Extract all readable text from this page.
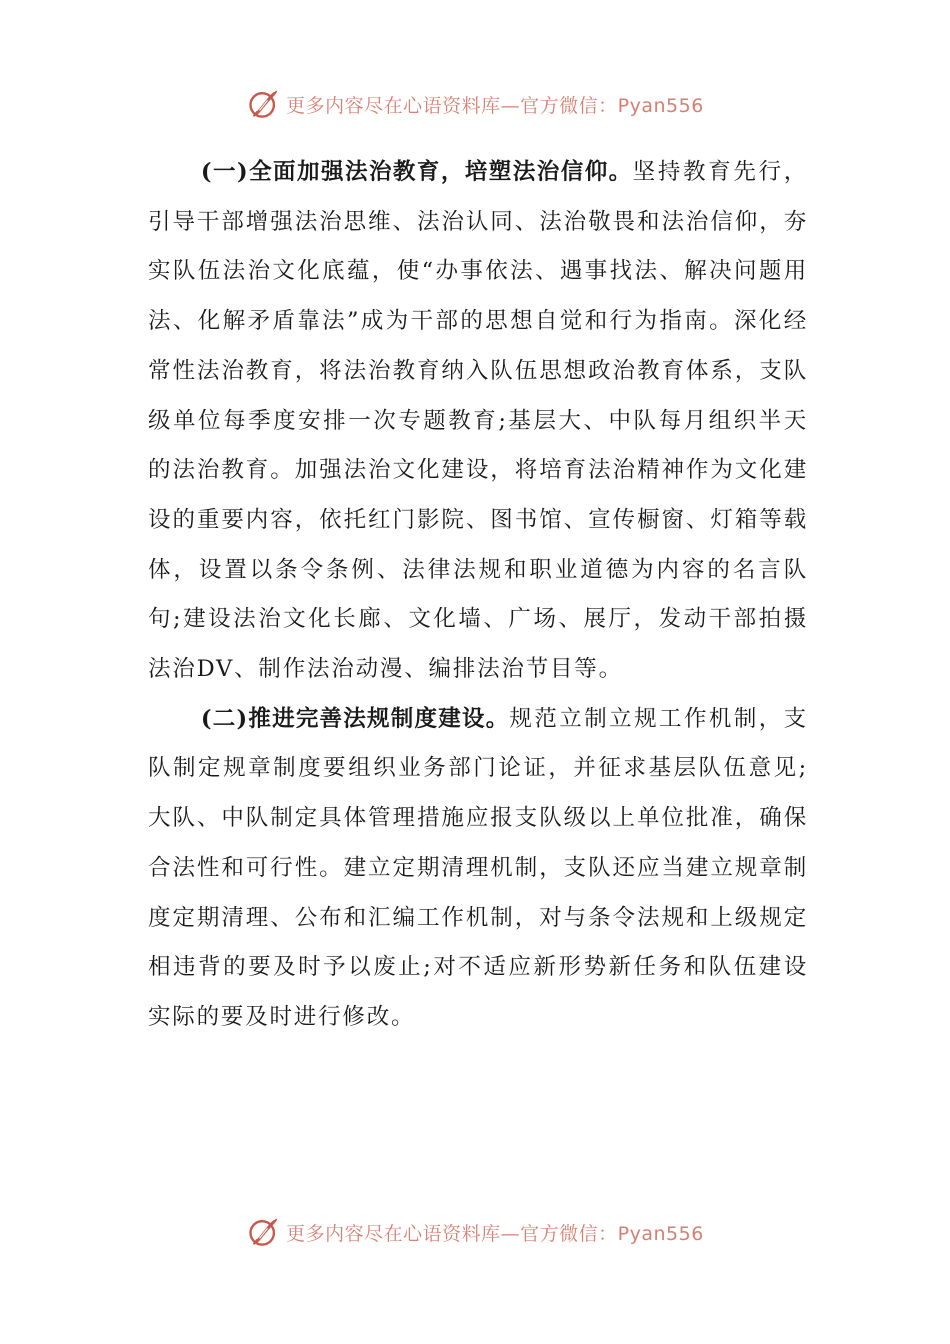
更多内容尽在心语资料库—官方微信：Pyan556

(一)全面加强法治教育，培塑法治信仰。坚持教育先行，引导干部增强法治思维、法治认同、法治敬畏和法治信仰，夯实队伍法治文化底蕴，使“办事依法、遇事找法、解决问题用法、化解矛盾靠法”成为干部的思想自觉和行为指南。深化经常性法治教育，将法治教育纳入队伍思想政治教育体系，支队级单位每季度安排一次专题教育;基层大、中队每月组织半天的法治教育。加强法治文化建设，将培育法治精神作为文化建设的重要内容，依托红门影院、图书馆、宣传橱窗、灯箱等载体，设置以条令条例、法律法规和职业道德为内容的名言队句;建设法治文化长廊、文化墙、广场、展厅，发动干部拍摄法治DV、制作法治动漫、编排法治节目等。

(二)推进完善法规制度建设。规范立制立规工作机制，支队制定规章制度要组织业务部门论证，并征求基层队伍意见;大队、中队制定具体管理措施应报支队级以上单位批准，确保合法性和可行性。建立定期清理机制，支队还应当建立规章制度定期清理、公布和汇编工作机制，对与条令法规和上级规定相违背的要及时予以废止;对不适应新形势新任务和队伍建设实际的要及时进行修改。

更多内容尽在心语资料库—官方微信：Pyan556
